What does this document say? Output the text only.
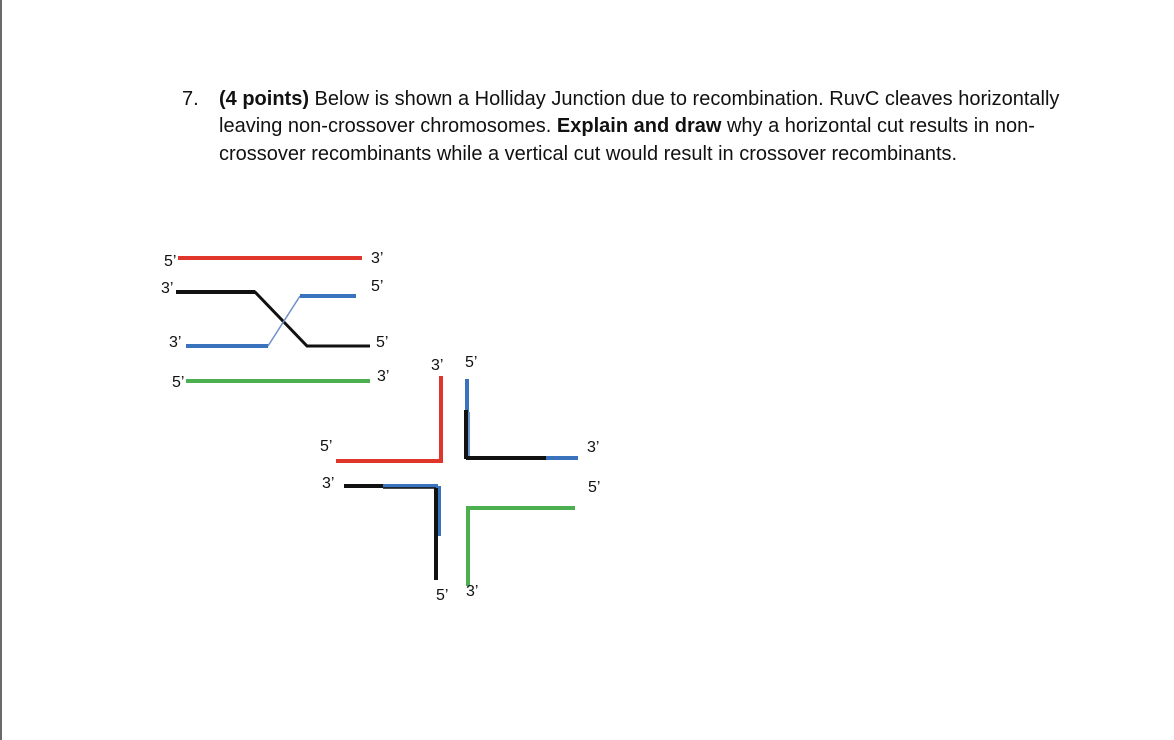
7. (4 points) Below is shown a Holliday Junction due to recombination. RuvC cleaves horizontally leaving non-crossover chromosomes. Explain and draw why a horizontal cut results in non-crossover recombinants while a vertical cut would result in crossover recombinants.
5’	3’
3’	5’
3’	5’
5’	3’
3’ 5’
5’
3’
3’
5’
5’ 3’
